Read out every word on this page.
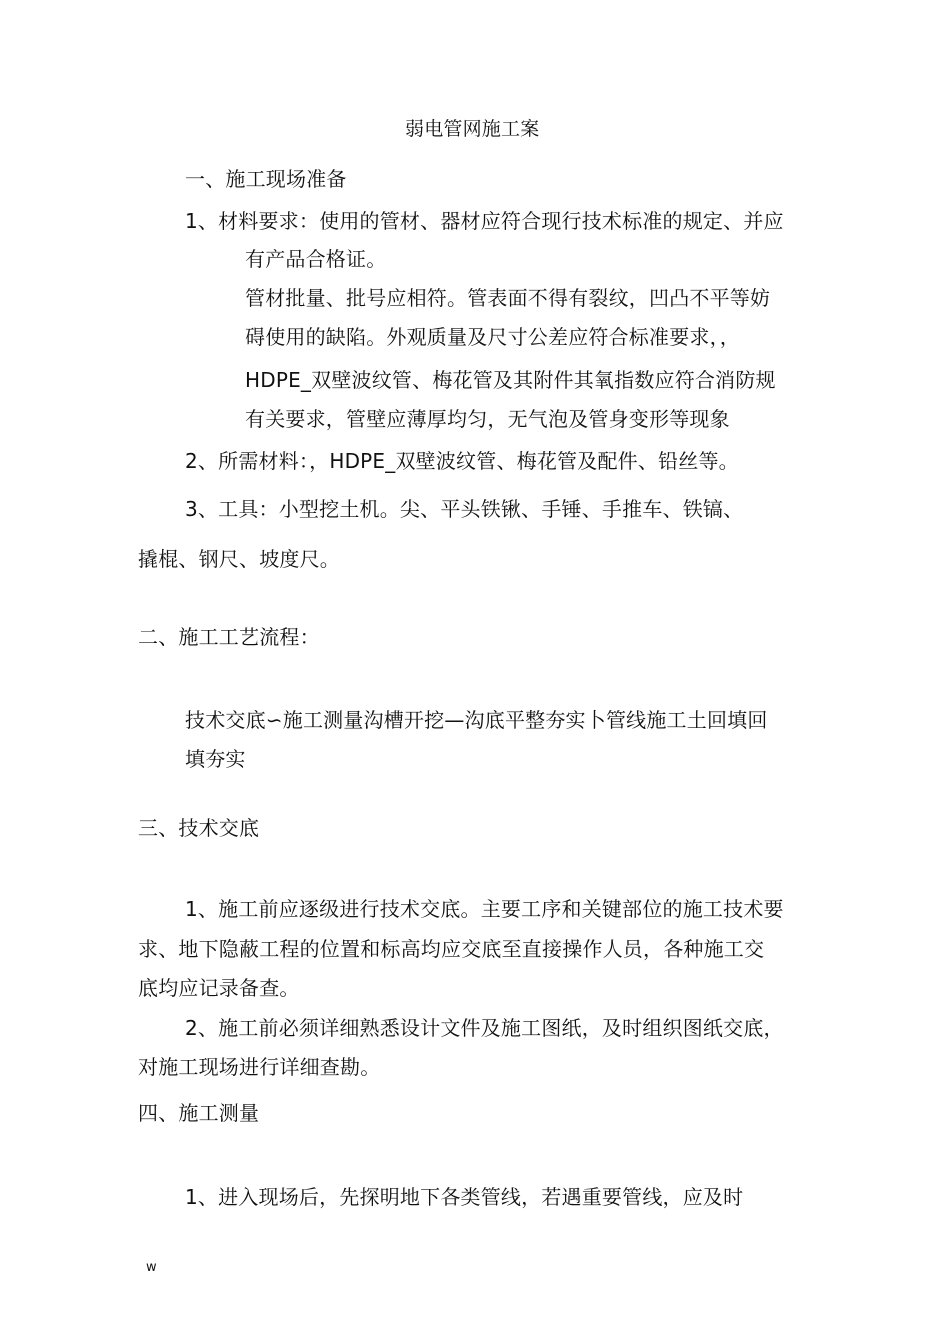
弱电管网施工案
一、施工现场准备
1、材料要求：使用的管材、器材应符合现行技术标准的规定、并应
有产品合格证。
管材批量、批号应相符。管表面不得有裂纹，凹凸不平等妨
碍使用的缺陷。外观质量及尺寸公差应符合标准要求，，
HDPE_双壁波纹管、梅花管及其附件其氧指数应符合消防规
有关要求，管壁应薄厚均匀，无气泡及管身变形等现象
2、所需材料：，HDPE_双壁波纹管、梅花管及配件、铅丝等。
3、工具：小型挖土机。尖、平头铁锹、手锤、手推车、铁镐、
撬棍、钢尺、坡度尺。
二、施工工艺流程：
技术交底∽施工测量沟槽开挖—沟底平整夯实卜管线施工土回填回
填夯实
三、技术交底
1、施工前应逐级进行技术交底。主要工序和关键部位的施工技术要
求、地下隐蔽工程的位置和标高均应交底至直接操作人员，各种施工交
底均应记录备查。
2、施工前必须详细熟悉设计文件及施工图纸，及时组织图纸交底，
对施工现场进行详细查勘。
四、施工测量
1、进入现场后，先探明地下各类管线，若遇重要管线，应及时
w
